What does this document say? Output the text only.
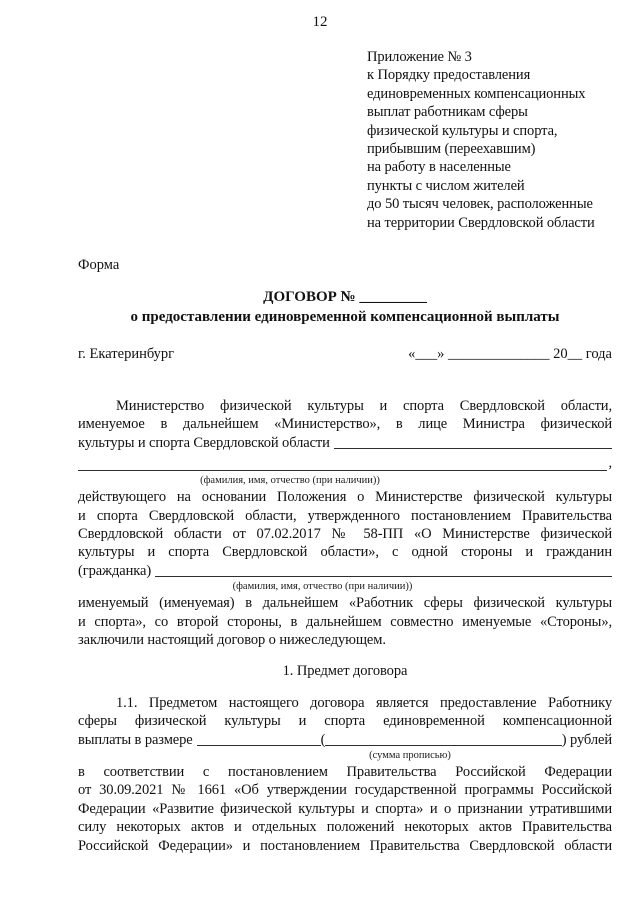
12
Приложение № 3
к Порядку предоставления
единовременных компенсационных
выплат работникам сферы
физической культуры и спорта,
прибывшим (переехавшим)
на работу в населенные
пункты с числом жителей
до 50 тысяч человек, расположенные
на территории Свердловской области
Форма
ДОГОВОР № _________
о предоставлении единовременной компенсационной выплаты
г. Екатеринбург	«___» ______________ 20__ года
Министерство физической культуры и спорта Свердловской области,
именуемое в дальнейшем «Министерство», в лице Министра физической
культуры и спорта Свердловской области
,
(фамилия, имя, отчество (при наличии))
действующего на основании Положения о Министерстве физической культуры
и спорта Свердловской области, утвержденного постановлением Правительства
Свердловской области от 07.02.2017 № 58-ПП «О Министерстве физической
культуры и спорта Свердловской области», с одной стороны и гражданин
(гражданка)
(фамилия, имя, отчество (при наличии))
именуемый (именуемая) в дальнейшем «Работник сферы физической культуры
и спорта», со второй стороны, в дальнейшем совместно именуемые «Стороны»,
заключили настоящий договор о нижеследующем.
1. Предмет договора
1.1. Предметом настоящего договора является предоставление Работнику
сферы физической культуры и спорта единовременной компенсационной
выплаты в размере	(	) рублей
(сумма прописью)
в соответствии с постановлением Правительства Российской Федерации
от 30.09.2021 № 1661 «Об утверждении государственной программы Российской
Федерации «Развитие физической культуры и спорта» и о признании утратившими
силу некоторых актов и отдельных положений некоторых актов Правительства
Российской Федерации» и постановлением Правительства Свердловской области
